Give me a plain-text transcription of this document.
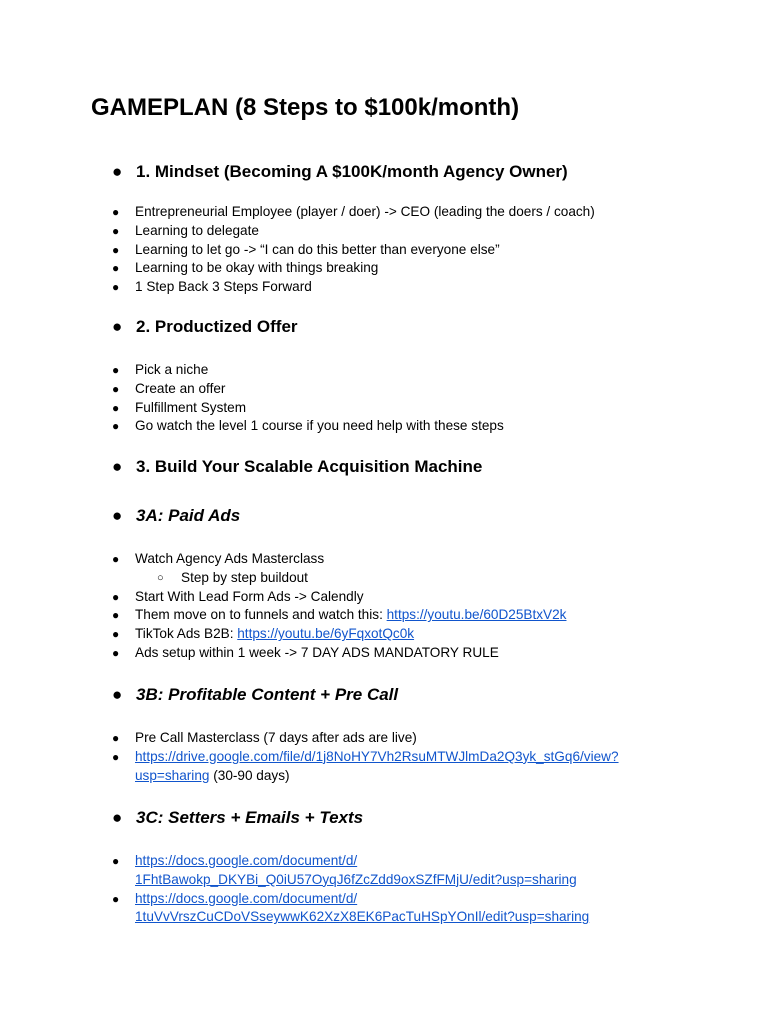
GAMEPLAN (8 Steps to $100k/month)
● 1. Mindset (Becoming A $100K/month Agency Owner)
●	Entrepreneurial Employee (player / doer) -> CEO (leading the doers / coach)
●	Learning to delegate
●	Learning to let go -> “I can do this better than everyone else”
●	Learning to be okay with things breaking
●	1 Step Back 3 Steps Forward
● 2. Productized Offer
●	Pick a niche
●	Create an offer
●	Fulfillment System
●	Go watch the level 1 course if you need help with these steps
● 3. Build Your Scalable Acquisition Machine
● 3A: Paid Ads
●	Watch Agency Ads Masterclass
○	Step by step buildout
●	Start With Lead Form Ads -> Calendly
●	Them move on to funnels and watch this: https://youtu.be/60D25BtxV2k
●	TikTok Ads B2B: https://youtu.be/6yFqxotQc0k
●	Ads setup within 1 week -> 7 DAY ADS MANDATORY RULE
● 3B: Profitable Content + Pre Call
●	Pre Call Masterclass (7 days after ads are live)
●	https://drive.google.com/file/d/1j8NoHY7Vh2RsuMTWJlmDa2Q3yk_stGq6/view?
usp=sharing (30-90 days)
● 3C: Setters + Emails + Texts
●	https://docs.google.com/document/d/
1FhtBawokp_DKYBi_Q0iU57OyqJ6fZcZdd9oxSZfFMjU/edit?usp=sharing
●	https://docs.google.com/document/d/
1tuVvVrszCuCDoVSseywwK62XzX8EK6PacTuHSpYOnIl/edit?usp=sharing
